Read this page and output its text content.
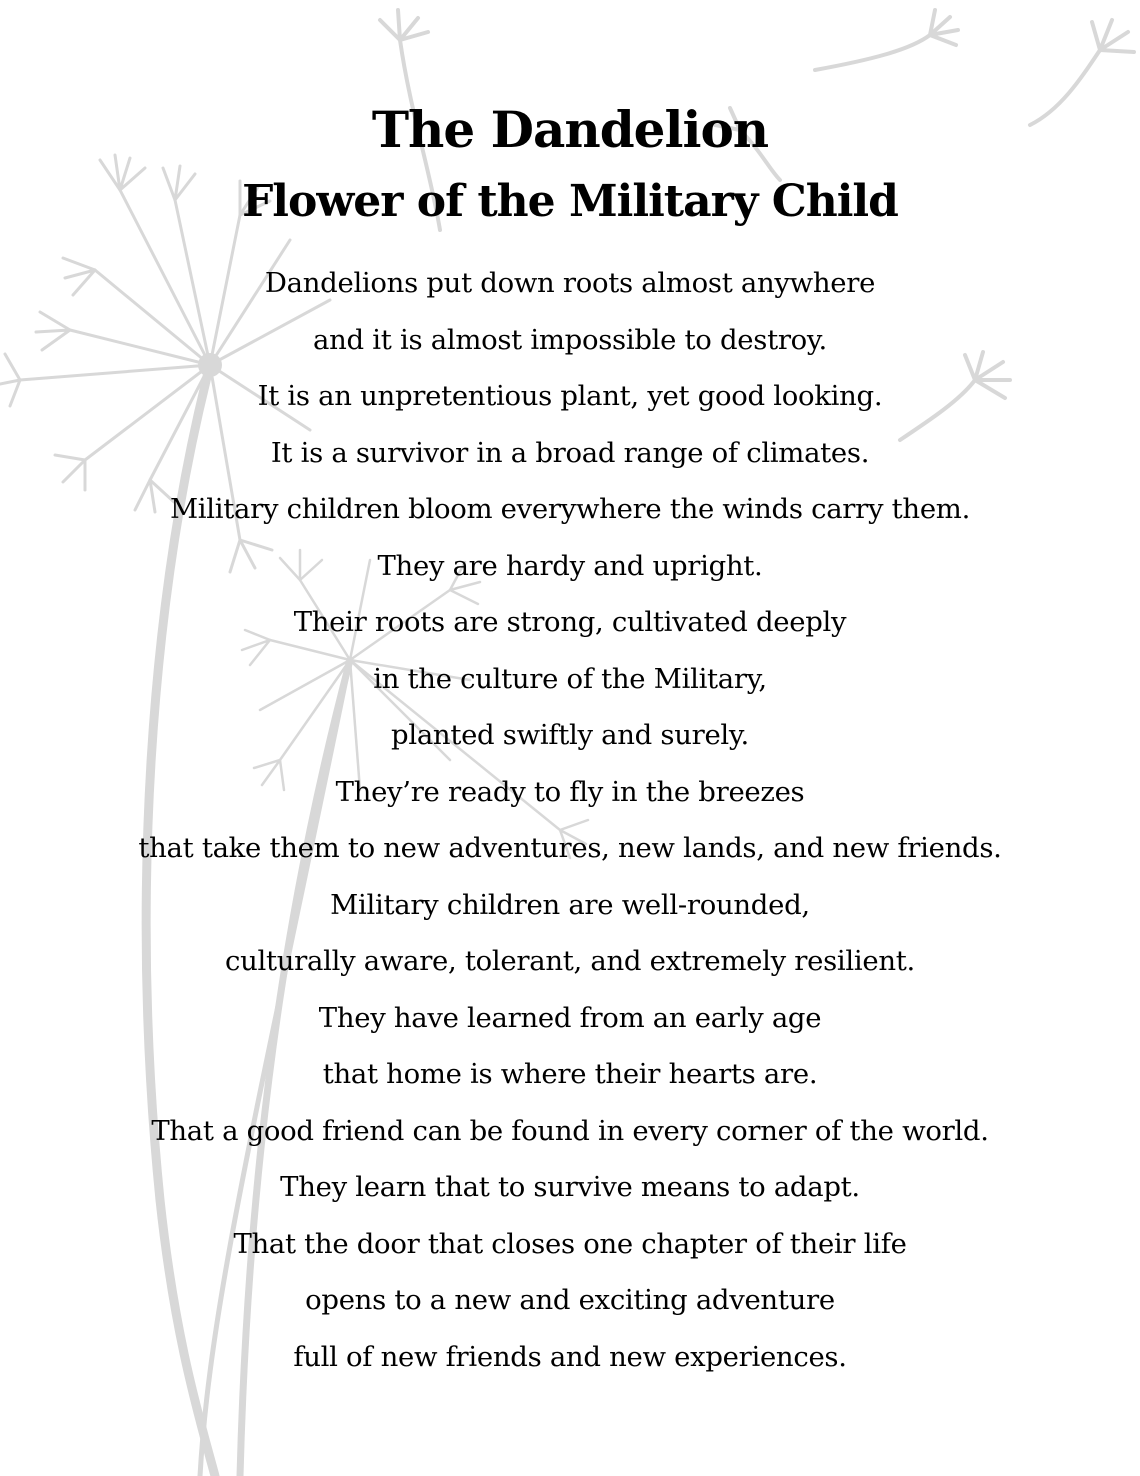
The Dandelion
Flower of the Military Child
Dandelions put down roots almost anywhere
and it is almost impossible to destroy.
It is an unpretentious plant, yet good looking.
It is a survivor in a broad range of climates.
Military children bloom everywhere the winds carry them.
They are hardy and upright.
Their roots are strong, cultivated deeply
in the culture of the Military,
planted swiftly and surely.
They’re ready to fly in the breezes
that take them to new adventures, new lands, and new friends.
Military children are well-rounded,
culturally aware, tolerant, and extremely resilient.
They have learned from an early age
that home is where their hearts are.
That a good friend can be found in every corner of the world.
They learn that to survive means to adapt.
That the door that closes one chapter of their life
opens to a new and exciting adventure
full of new friends and new experiences.
